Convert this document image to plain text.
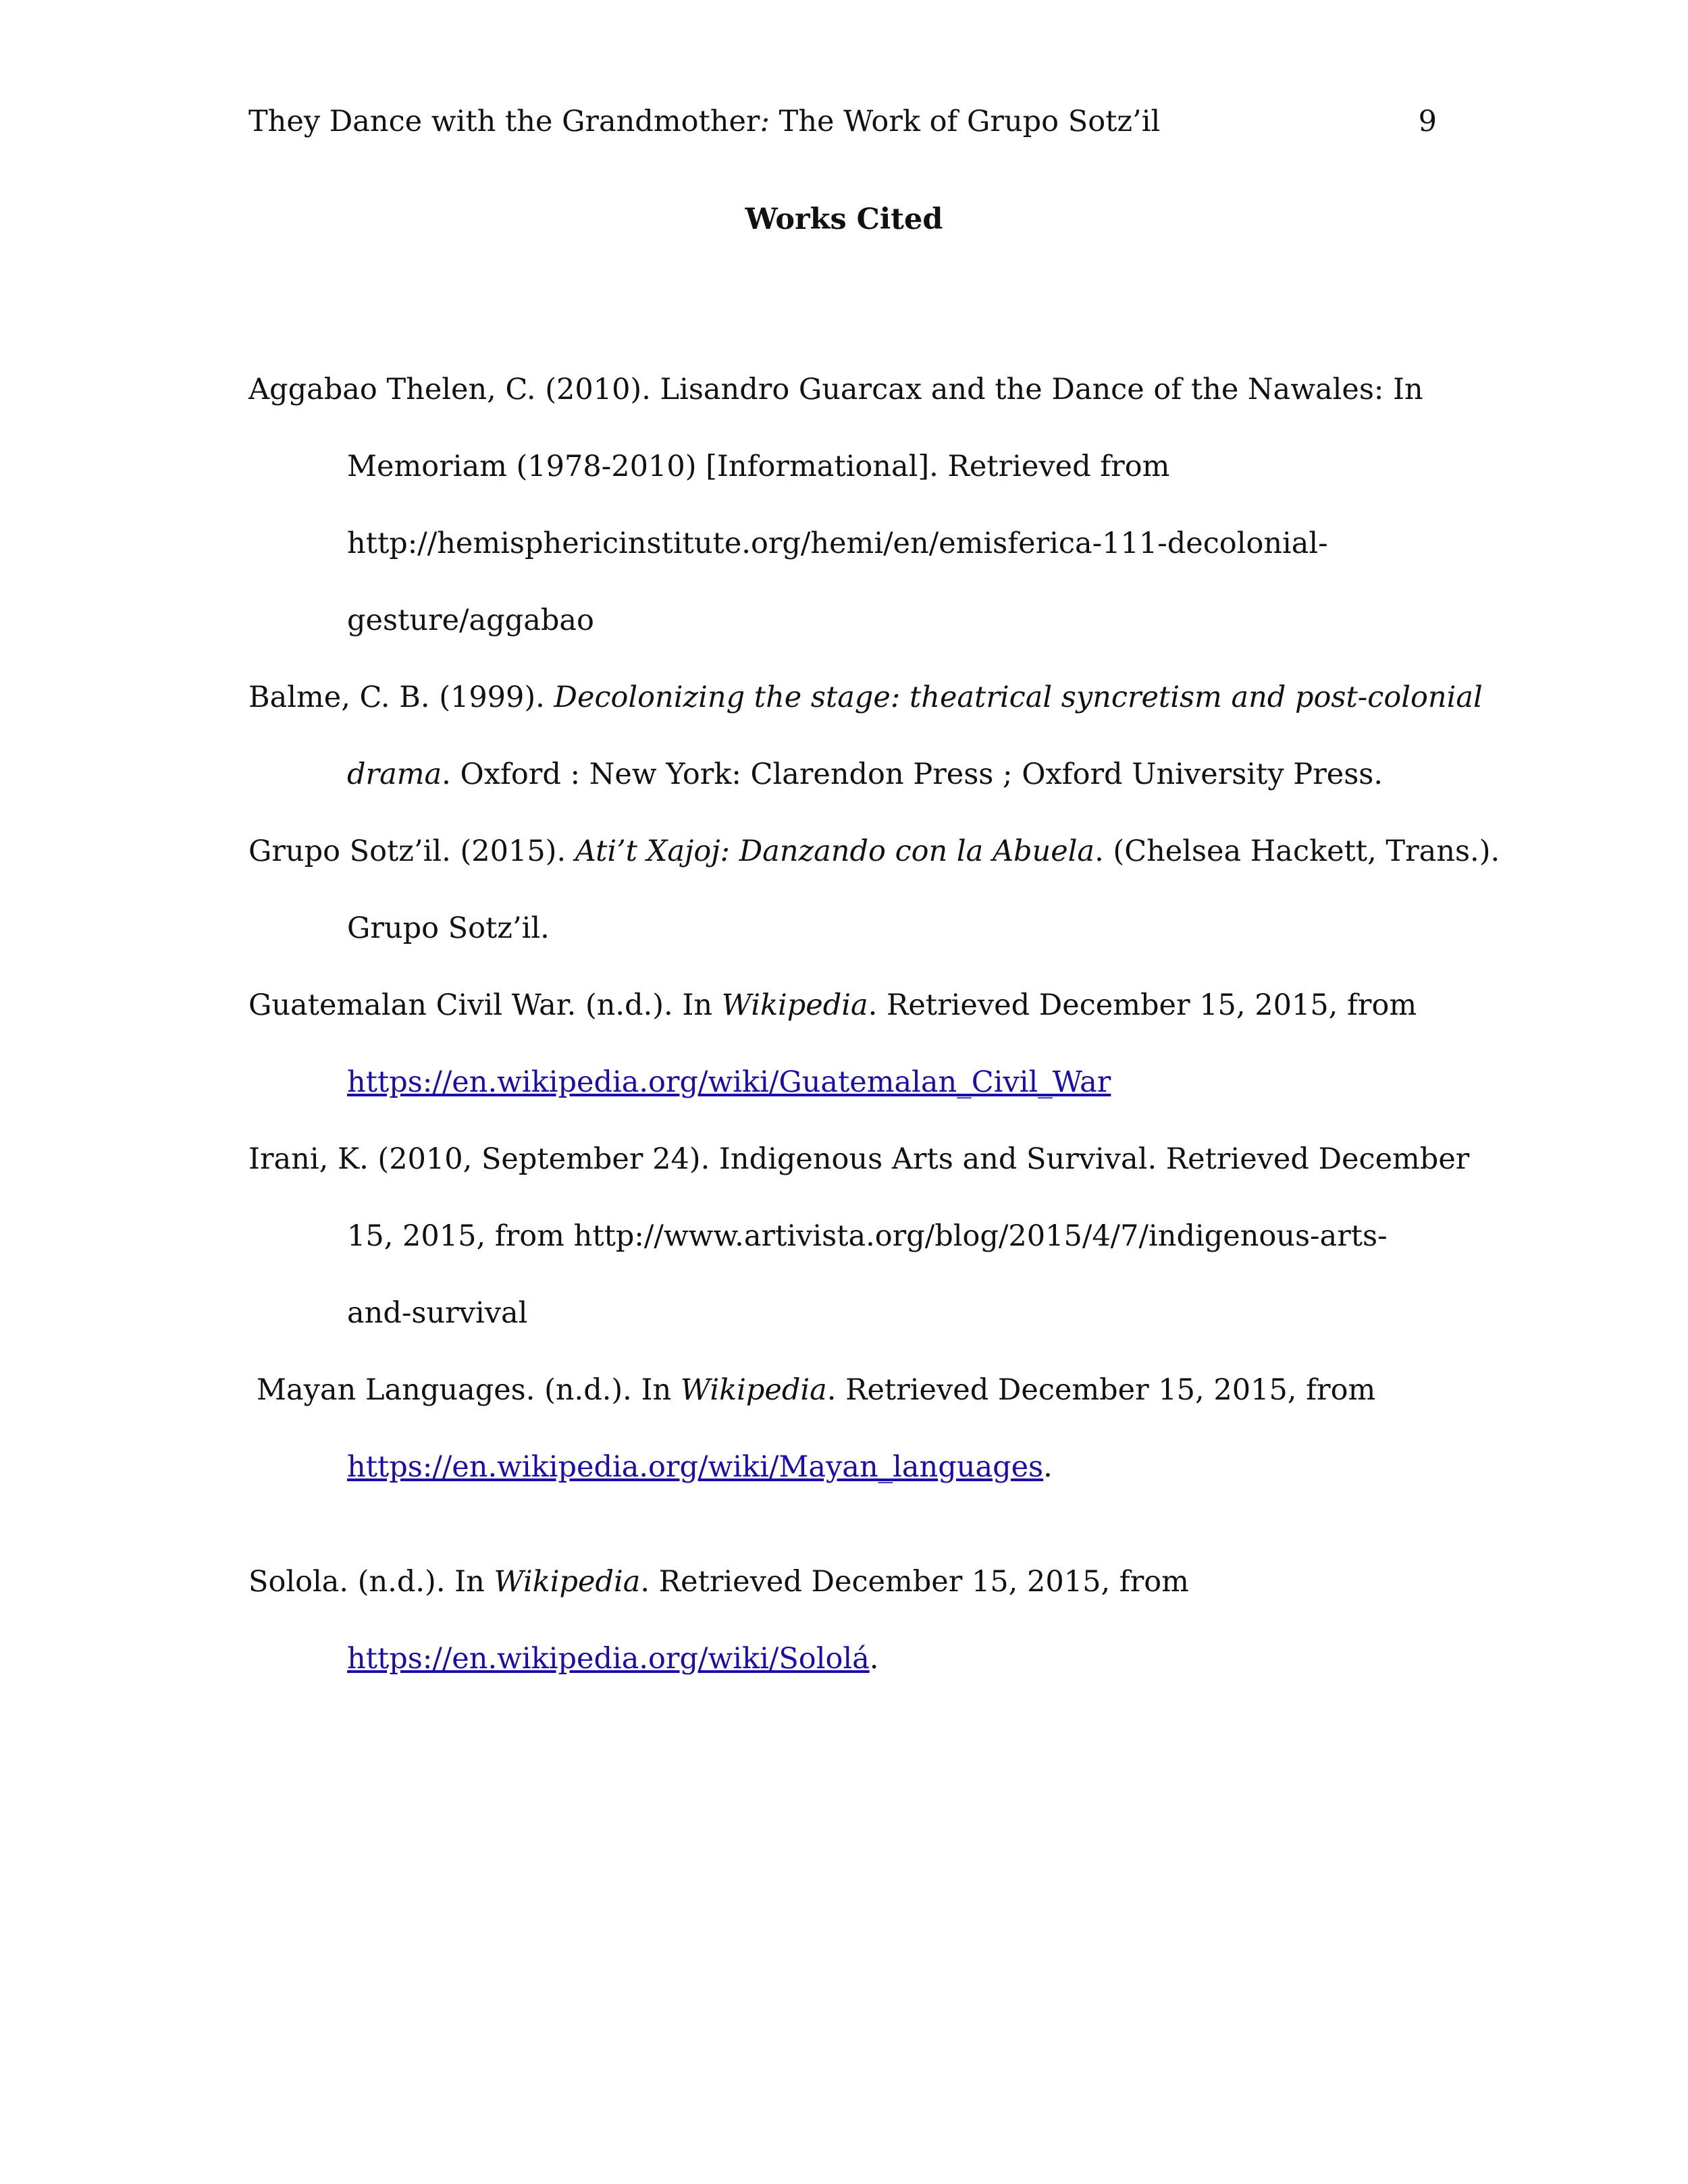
They Dance with the Grandmother: The Work of Grupo Sotz’il	9
Works Cited
Aggabao Thelen, C. (2010). Lisandro Guarcax and the Dance of the Nawales: In
Memoriam (1978-2010) [Informational]. Retrieved from
http://hemisphericinstitute.org/hemi/en/emisferica-111-decolonial-
gesture/aggabao
Balme, C. B. (1999). Decolonizing the stage: theatrical syncretism and post-colonial
drama. Oxford : New York: Clarendon Press ; Oxford University Press.
Grupo Sotz’il. (2015). Ati’t Xajoj: Danzando con la Abuela. (Chelsea Hackett, Trans.).
Grupo Sotz’il.
Guatemalan Civil War. (n.d.). In Wikipedia. Retrieved December 15, 2015, from
https://en.wikipedia.org/wiki/Guatemalan_Civil_War
Irani, K. (2010, September 24). Indigenous Arts and Survival. Retrieved December
15, 2015, from http://www.artivista.org/blog/2015/4/7/indigenous-arts-
and-survival
Mayan Languages. (n.d.). In Wikipedia. Retrieved December 15, 2015, from
https://en.wikipedia.org/wiki/Mayan_languages.
Solola. (n.d.). In Wikipedia. Retrieved December 15, 2015, from
https://en.wikipedia.org/wiki/Sololá.
